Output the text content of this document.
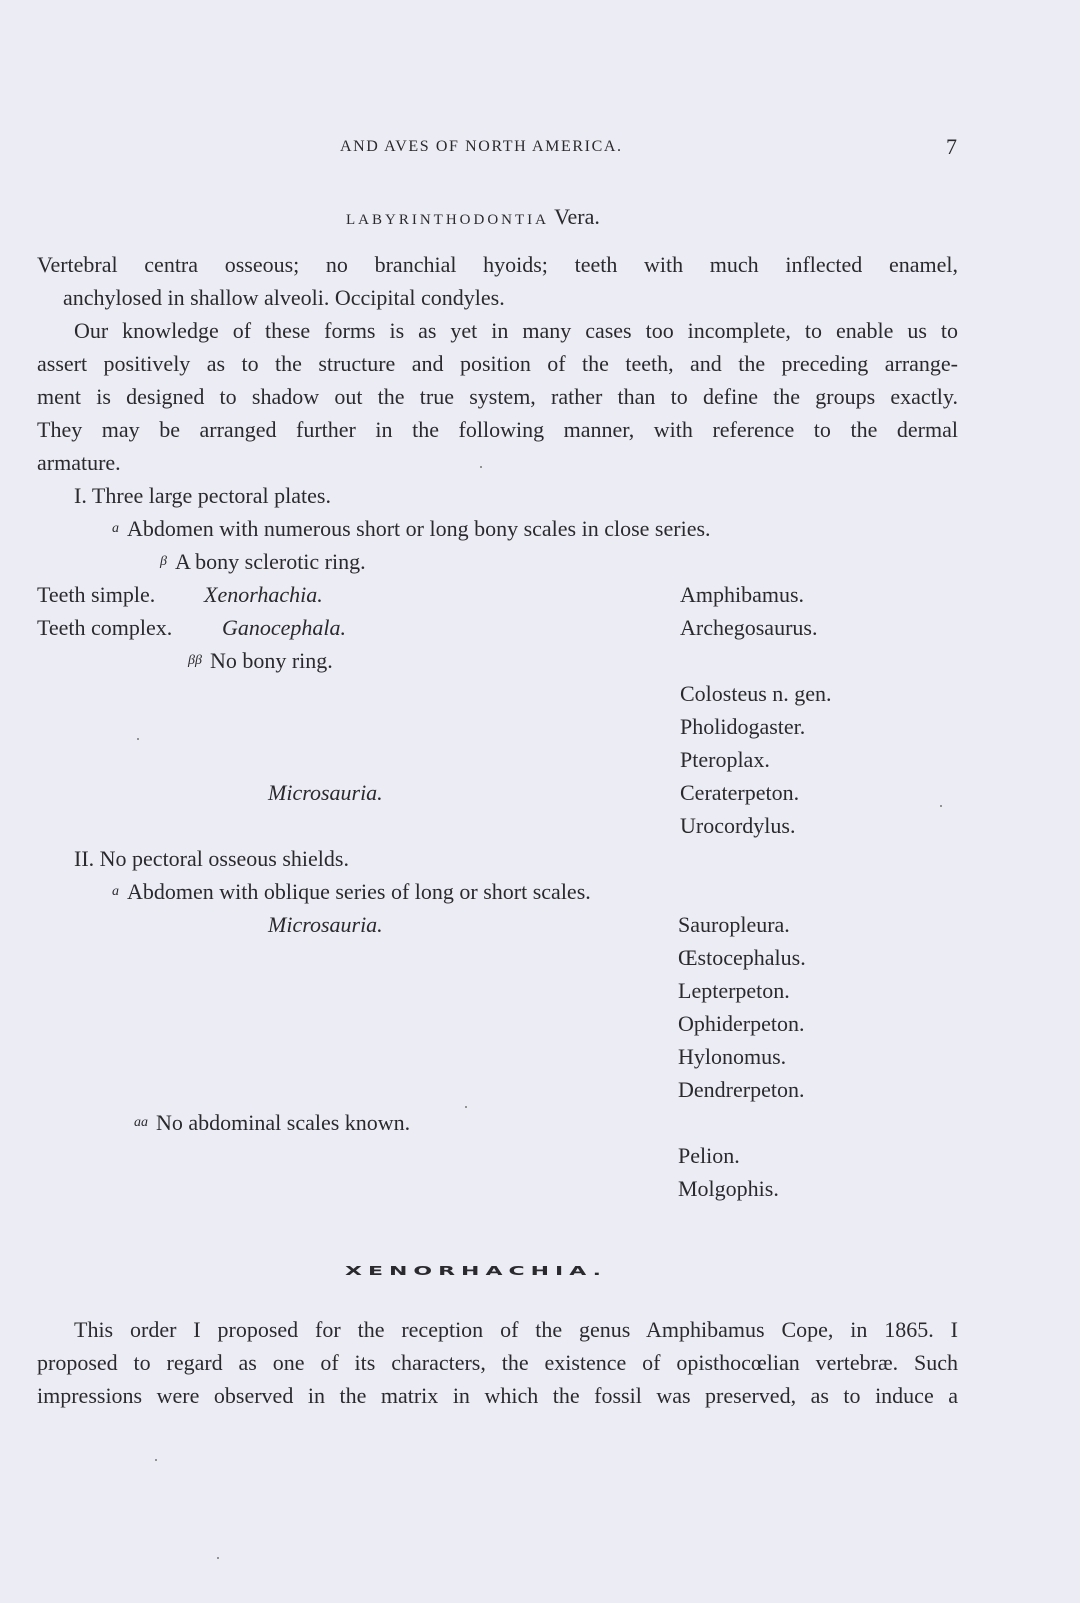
AND AVES OF NORTH AMERICA.	7
LABYRINTHODONTIA Vera.
Vertebral centra osseous; no branchial hyoids; teeth with much inflected enamel,
anchylosed in shallow alveoli. Occipital condyles.
Our knowledge of these forms is as yet in many cases too incomplete, to enable us to
assert positively as to the structure and position of the teeth, and the preceding arrange-
ment is designed to shadow out the true system, rather than to define the groups exactly.
They may be arranged further in the following manner, with reference to the dermal
armature.
I. Three large pectoral plates.
a Abdomen with numerous short or long bony scales in close series.
β A bony sclerotic ring.
Teeth simple. Xenorhachia.	Amphibamus.
Teeth complex. Ganocephala.	Archegosaurus.
ββ No bony ring.
Colosteus n. gen.
Pholidogaster.
Pteroplax.
Microsauria.	Ceraterpeton.
Urocordylus.
II. No pectoral osseous shields.
a Abdomen with oblique series of long or short scales.
Microsauria.	Sauropleura.
Œstocephalus.
Lepterpeton.
Ophiderpeton.
Hylonomus.
Dendrerpeton.
aa No abdominal scales known.
Pelion.
Molgophis.
XENORHACHIA.
This order I proposed for the reception of the genus Amphibamus Cope, in 1865. I
proposed to regard as one of its characters, the existence of opisthocœlian vertebræ. Such
impressions were observed in the matrix in which the fossil was preserved, as to induce a
